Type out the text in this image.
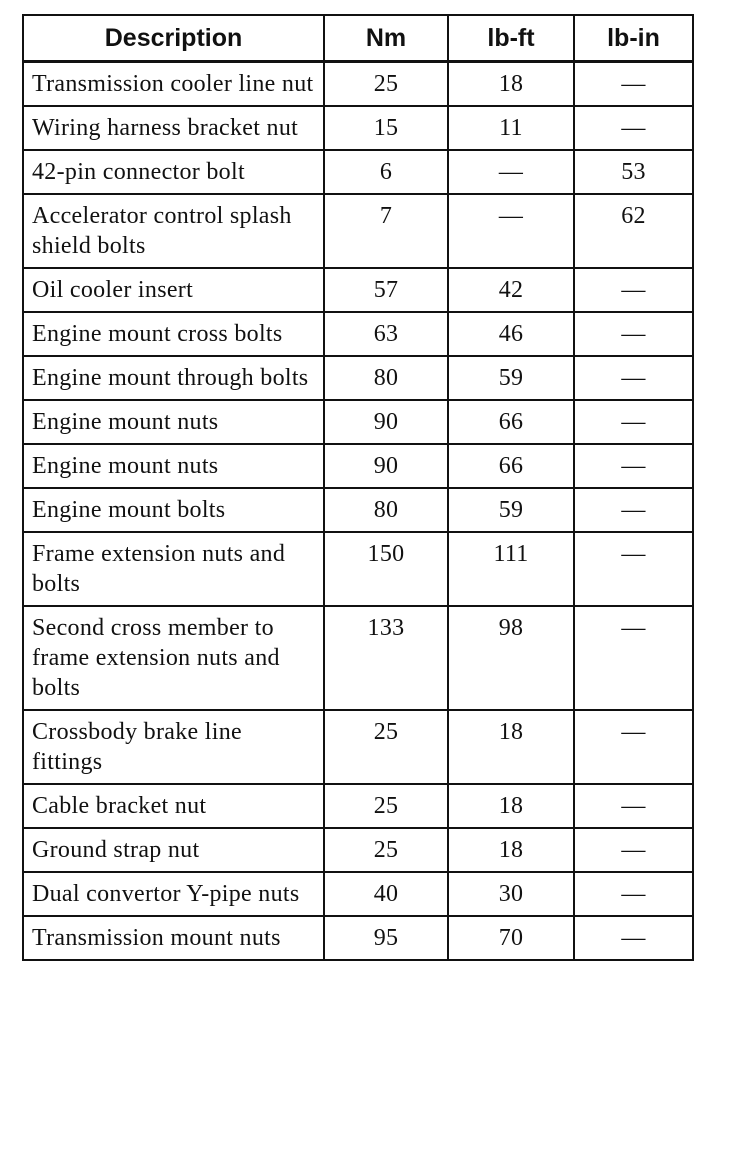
Description	Nm	lb-ft	lb-in
Transmission cooler line nut	25	18	—
Wiring harness bracket nut	15	11	—
42-pin connector bolt	6	—	53
Accelerator control splash shield bolts	7	—	62
Oil cooler insert	57	42	—
Engine mount cross bolts	63	46	—
Engine mount through bolts	80	59	—
Engine mount nuts	90	66	—
Engine mount nuts	90	66	—
Engine mount bolts	80	59	—
Frame extension nuts and bolts	150	111	—
Second cross member to frame extension nuts and bolts	133	98	—
Crossbody brake line fittings	25	18	—
Cable bracket nut	25	18	—
Ground strap nut	25	18	—
Dual convertor Y-pipe nuts	40	30	—
Transmission mount nuts	95	70	—
